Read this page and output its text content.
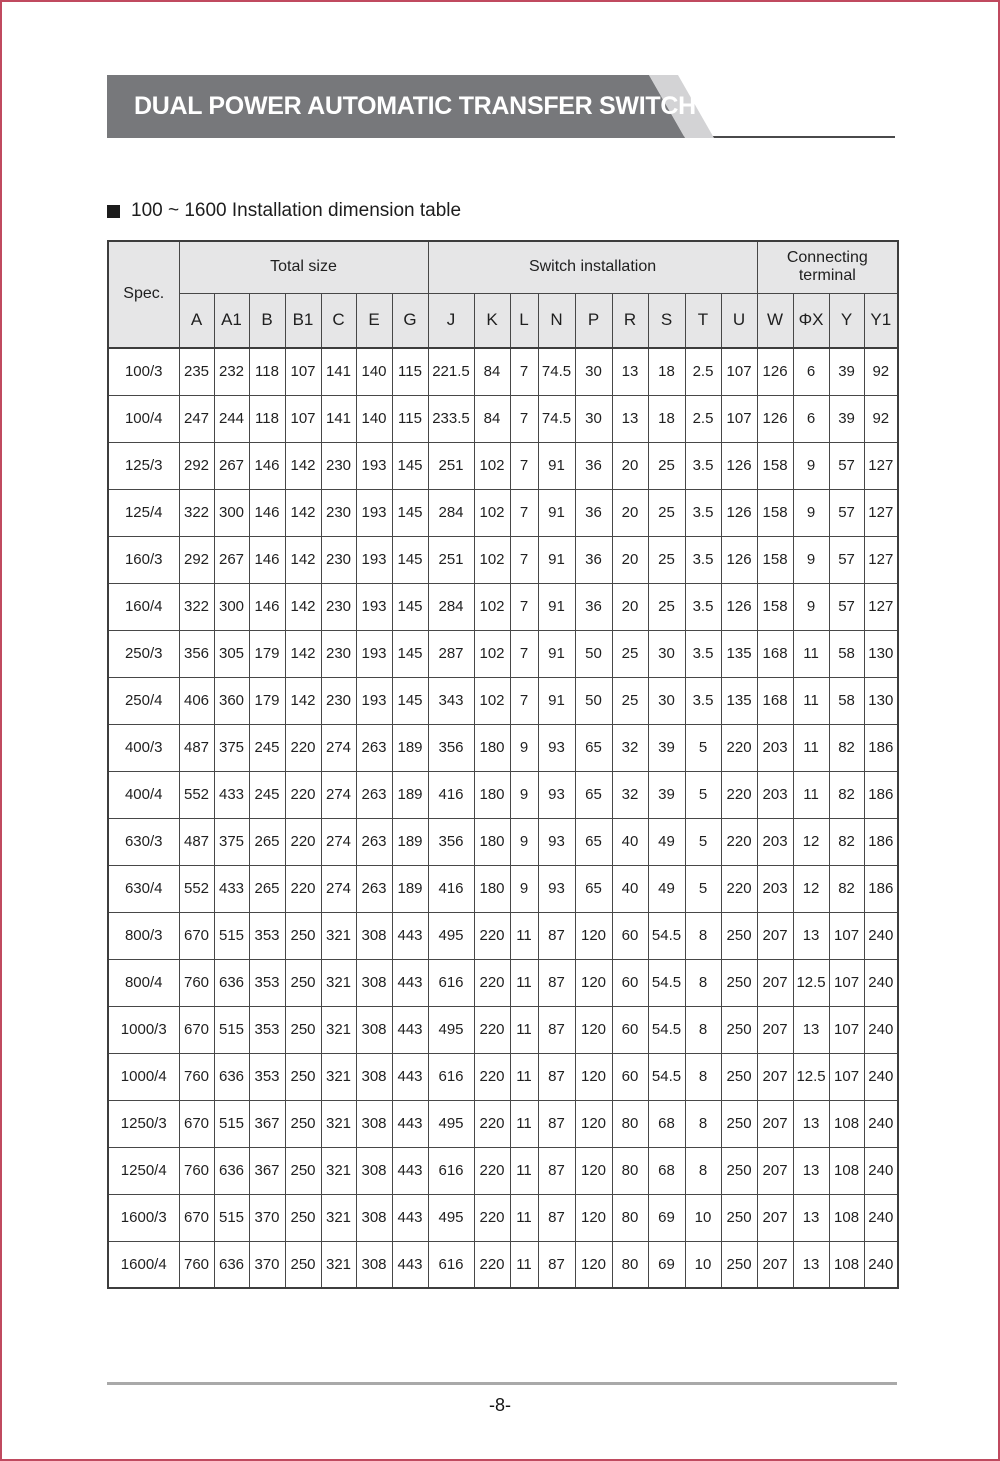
DUAL POWER AUTOMATIC TRANSFER SWITCH
100 ~ 1600 Installation dimension table
Spec.	Total size							Switch installation									Connecting terminal			
	A	A1	B	B1	C	E	G	J	K	L	N	P	R	S	T	U	W	ΦX	Y	Y1
100/3	235	232	118	107	141	140	115	221.5	84	7	74.5	30	13	18	2.5	107	126	6	39	92
100/4	247	244	118	107	141	140	115	233.5	84	7	74.5	30	13	18	2.5	107	126	6	39	92
125/3	292	267	146	142	230	193	145	251	102	7	91	36	20	25	3.5	126	158	9	57	127
125/4	322	300	146	142	230	193	145	284	102	7	91	36	20	25	3.5	126	158	9	57	127
160/3	292	267	146	142	230	193	145	251	102	7	91	36	20	25	3.5	126	158	9	57	127
160/4	322	300	146	142	230	193	145	284	102	7	91	36	20	25	3.5	126	158	9	57	127
250/3	356	305	179	142	230	193	145	287	102	7	91	50	25	30	3.5	135	168	11	58	130
250/4	406	360	179	142	230	193	145	343	102	7	91	50	25	30	3.5	135	168	11	58	130
400/3	487	375	245	220	274	263	189	356	180	9	93	65	32	39	5	220	203	11	82	186
400/4	552	433	245	220	274	263	189	416	180	9	93	65	32	39	5	220	203	11	82	186
630/3	487	375	265	220	274	263	189	356	180	9	93	65	40	49	5	220	203	12	82	186
630/4	552	433	265	220	274	263	189	416	180	9	93	65	40	49	5	220	203	12	82	186
800/3	670	515	353	250	321	308	443	495	220	11	87	120	60	54.5	8	250	207	13	107	240
800/4	760	636	353	250	321	308	443	616	220	11	87	120	60	54.5	8	250	207	12.5	107	240
1000/3	670	515	353	250	321	308	443	495	220	11	87	120	60	54.5	8	250	207	13	107	240
1000/4	760	636	353	250	321	308	443	616	220	11	87	120	60	54.5	8	250	207	12.5	107	240
1250/3	670	515	367	250	321	308	443	495	220	11	87	120	80	68	8	250	207	13	108	240
1250/4	760	636	367	250	321	308	443	616	220	11	87	120	80	68	8	250	207	13	108	240
1600/3	670	515	370	250	321	308	443	495	220	11	87	120	80	69	10	250	207	13	108	240
1600/4	760	636	370	250	321	308	443	616	220	11	87	120	80	69	10	250	207	13	108	240
-8-
